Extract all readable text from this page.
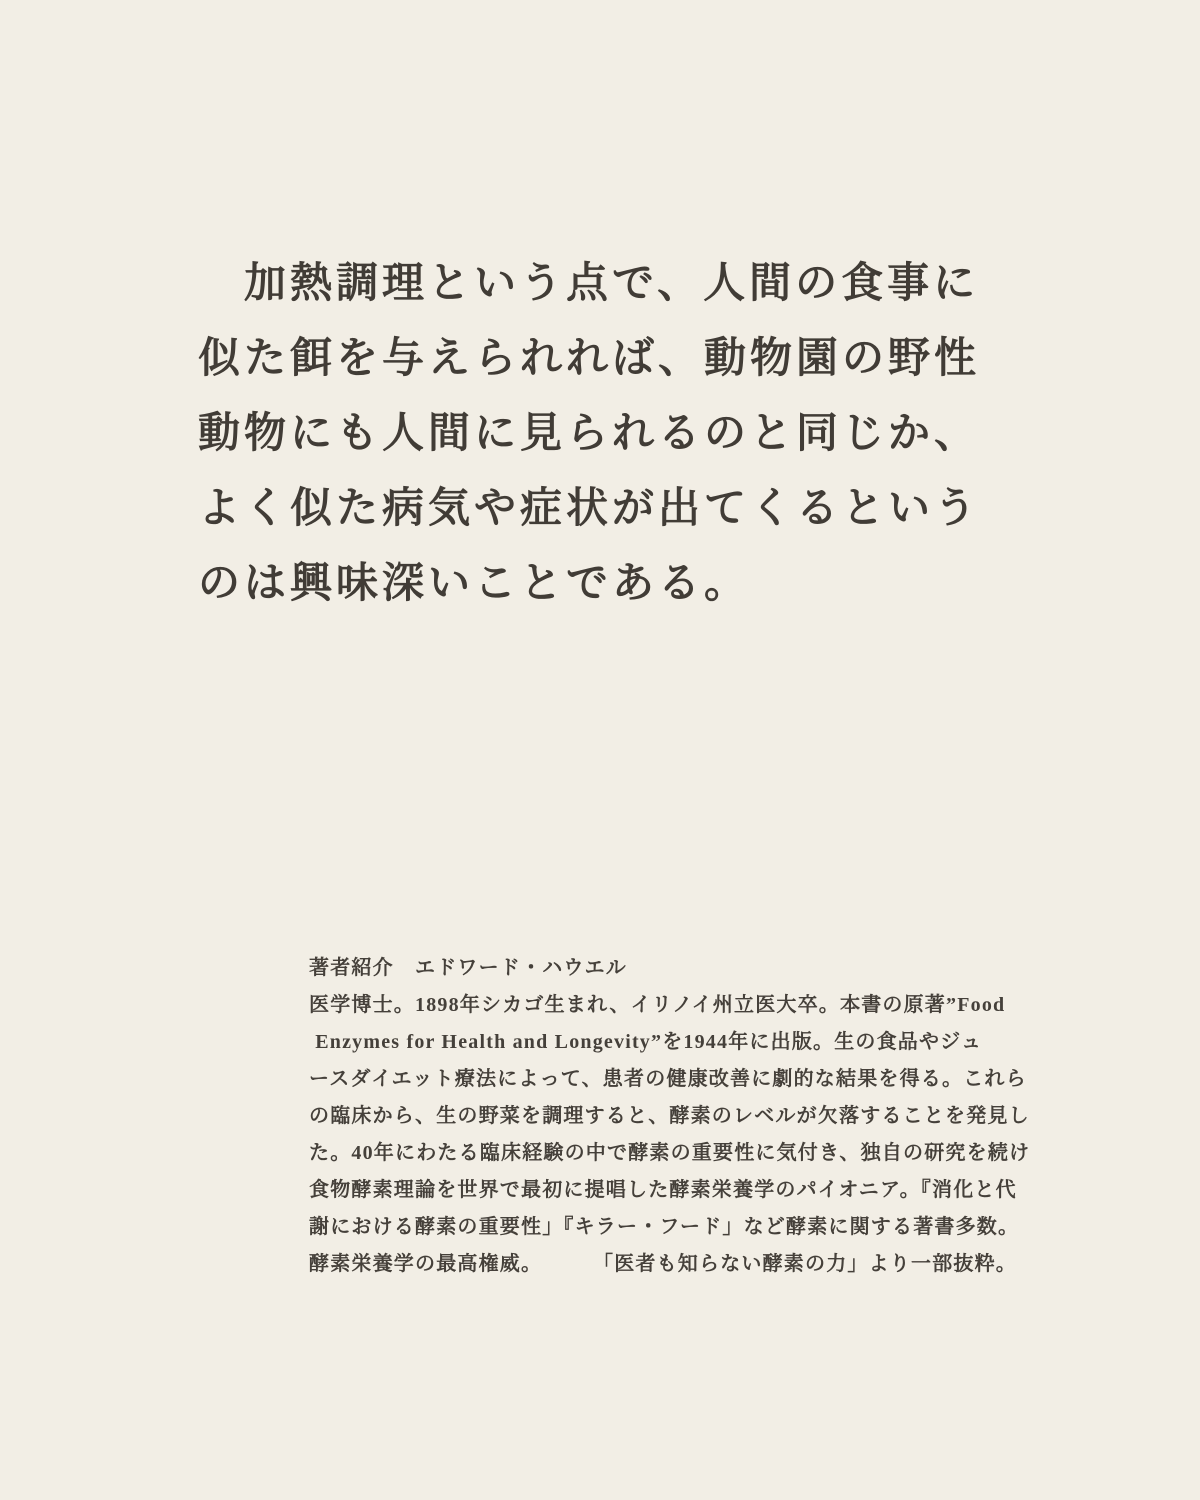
　加熱調理という点で、人間の食事に
似た餌を与えられれば、動物園の野性
動物にも人間に見られるのと同じか、
よく似た病気や症状が出てくるという
のは興味深いことである。
著者紹介　エドワード・ハウエル
医学博士。1898年シカゴ生まれ、イリノイ州立医大卒。本書の原著”Food
Enzymes for Health and Longevity”を1944年に出版。生の食品やジュ
ースダイエット療法によって、患者の健康改善に劇的な結果を得る。これら
の臨床から、生の野菜を調理すると、酵素のレベルが欠落することを発見し
た。40年にわたる臨床経験の中で酵素の重要性に気付き、独自の研究を続け
食物酵素理論を世界で最初に提唱した酵素栄養学のパイオニア。『消化と代
謝における酵素の重要性」『キラー・フード」など酵素に関する著書多数。
酵素栄養学の最高権威。	「医者も知らない酵素の力」より一部抜粋。
